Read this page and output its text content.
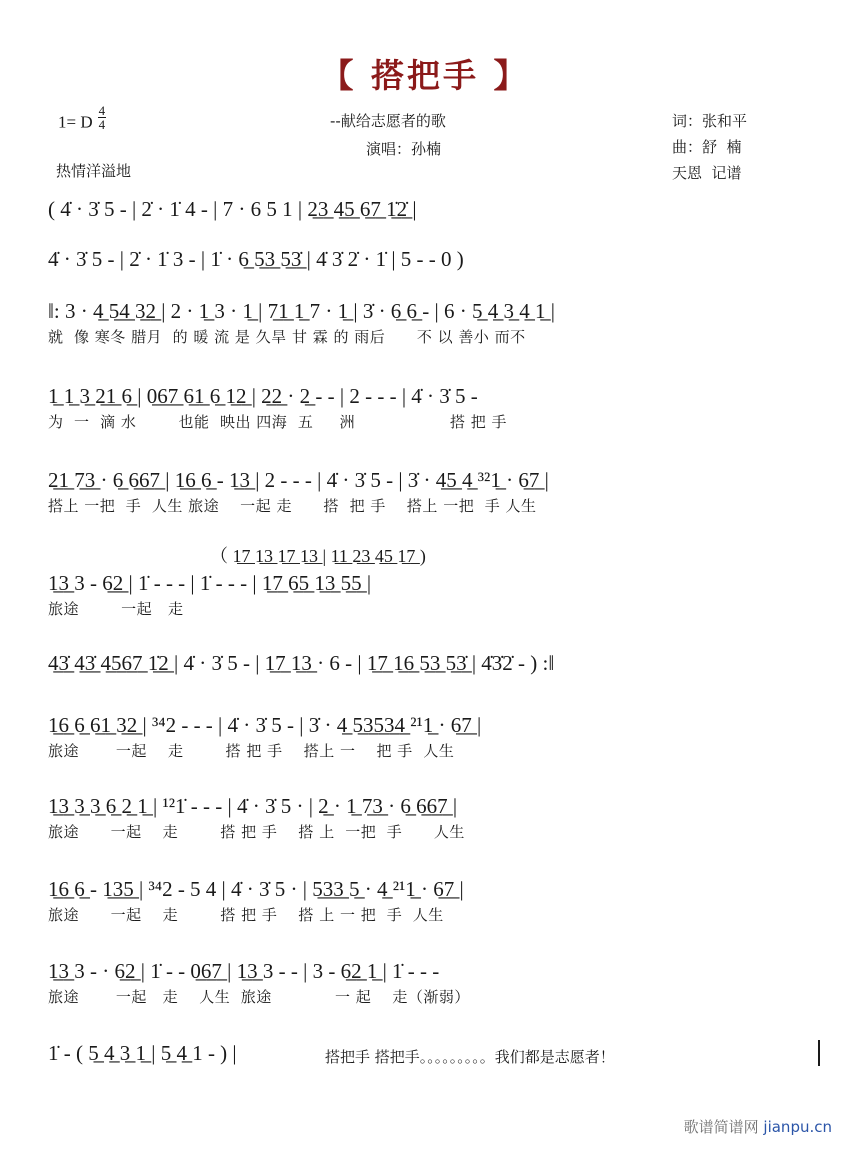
【 搭把手 】
1= D $\frac{4}{4}$	--献给志愿者的歌
演唱：孙楠
词：张和平
曲：舒  楠
天恩  记谱
热情洋溢地
( 4̇ · 3̇ 5 - | 2̇ · 1̇ 4 - | 7 · 6 5 1 | 2̲3̲ 4̲5̲ 6̲7̲ 1̲̇2̲̇ |
4̇ · 3̇ 5 - | 2̇ · 1̇ 3 - | 1̇ · 6̲ 5̲3̲ 5̲3̲̇ | 4̇ 3̇ 2̇ · 1̇ | 5 - - 0 )
‖: 3 · 4̲ 5̲4̲ 3̲2̲ | 2 · 1̲ 3 · 1̲ | 7̲1̲ 1̲ 7 · 1̲ | 3̇ · 6̲ 6̲ - | 6 · 5̲ 4̲ 3̲ 4̲ 1̲ |
就  像 寒冬 腊月  的 暖 流 是 久旱 甘 霖 的 雨后      不 以 善小 而不
1̲ 1̲ 3̲ 2̲1̲ 6̲ | 0̲6̲7̲ 6̲1̲ 6̲ 1̲2̲ | 2̲2̲ · 2̲ - - | 2 - - - | 4̇ · 3̇ 5 -
为  一  滴 水        也能  映出 四海  五     洲                  搭 把 手
2̲1̲ 7̲3̲ · 6̲ 6̲6̲7̲ | 1̲6̲ 6̲ - 1̲3̲ | 2 - - - | 4̇ · 3̇ 5 - | 3̇ · 4̲5̲ 4̲ ³²1̲ · 6̲7̲ |
搭上 一把  手  人生 旅途    一起 走      搭  把 手    搭上 一把  手 人生
（ 1̲7̲ 1̲3̲ 1̲7̲ 1̲3̲ | 1̲1̲ 2̲3̲ 4̲5̲ 1̲7̲ )
1̲3̲ 3 - 6̲2̲ | 1̇ - - - | 1̇ - - - | 1̲7̲ 6̲5̲ 1̲3̲ 5̲5̲ |
旅途        一起   走
4̲3̲̇ 4̲3̲̇ 4̲5̲6̲7̲ 1̲̇2̲ | 4̇ · 3̇ 5 - | 1̲7̲ 1̲3̲ · 6 - | 1̲7̲ 1̲6̲ 5̲3̲ 5̲3̲̇ | 4̇3̇2̇ - ) :‖
1̲6̲ 6̲ 6̲1̲ 3̲2̲ | ³⁴2 - - - | 4̇ · 3̇ 5 - | 3̇ · 4̲ 5̲3̲5̲3̲4̲ ²¹1̲ · 6̲7̲ |
旅途       一起    走        搭 把 手    搭上 一    把 手  人生
1̲3̲ 3̲ 3̲ 6̲ 2̲ 1̲ | ¹²1̇ - - - | 4̇ · 3̇ 5 · | 2̲ · 1̲ 7̲3̲ · 6̲ 6̲6̲7̲ |
旅途      一起    走        搭 把 手    搭 上  一把  手      人生
1̲6̲ 6̲ - 1̲3̲5̲ | ³⁴2 - 5 4 | 4̇ · 3̇ 5 · | 5̲3̲3̲ 5̲ · 4̲ ²¹1̲ · 6̲7̲ |
旅途      一起    走        搭 把 手    搭 上 一 把  手  人生
1̲3̲ 3 - · 6̲2̲ | 1̇ - - 0̲6̲7̲ | 1̲3̲ 3 - - | 3 - 6̲2̲ 1̲ | 1̇ - - -
旅途       一起   走    人生  旅途            一 起    走（渐弱）
1̇ - ( 5̲ 4̲ 3̲ 1̲ | 5̲ 4̲ 1 - ) |	搭把手 搭把手。。。。。。。。。我们都是志愿者！
歌谱简谱网 jianpu.cn
